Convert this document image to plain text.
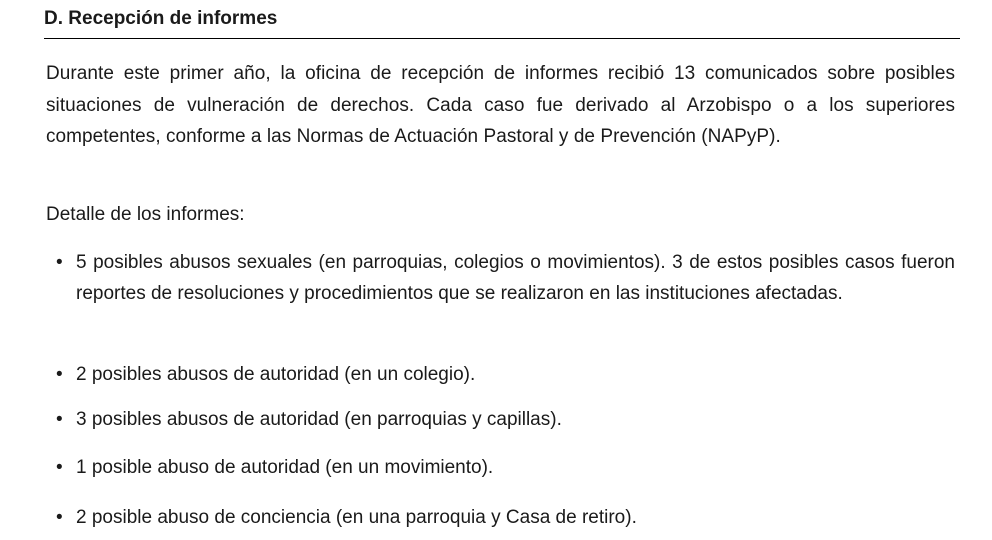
D. Recepción de informes

Durante este primer año, la oficina de recepción de informes recibió 13 comunicados sobre posibles situaciones de vulneración de derechos. Cada caso fue derivado al Arzobispo o a los superiores competentes, conforme a las Normas de Actuación Pastoral y de Prevención (NAPyP).

Detalle de los informes:

• 5 posibles abusos sexuales (en parroquias, colegios o movimientos). 3 de estos posibles casos fueron reportes de resoluciones y procedimientos que se realizaron en las instituciones afectadas.
• 2 posibles abusos de autoridad (en un colegio).
• 3 posibles abusos de autoridad (en parroquias y capillas).
• 1 posible abuso de autoridad (en un movimiento).
• 2 posible abuso de conciencia (en una parroquia y Casa de retiro).
